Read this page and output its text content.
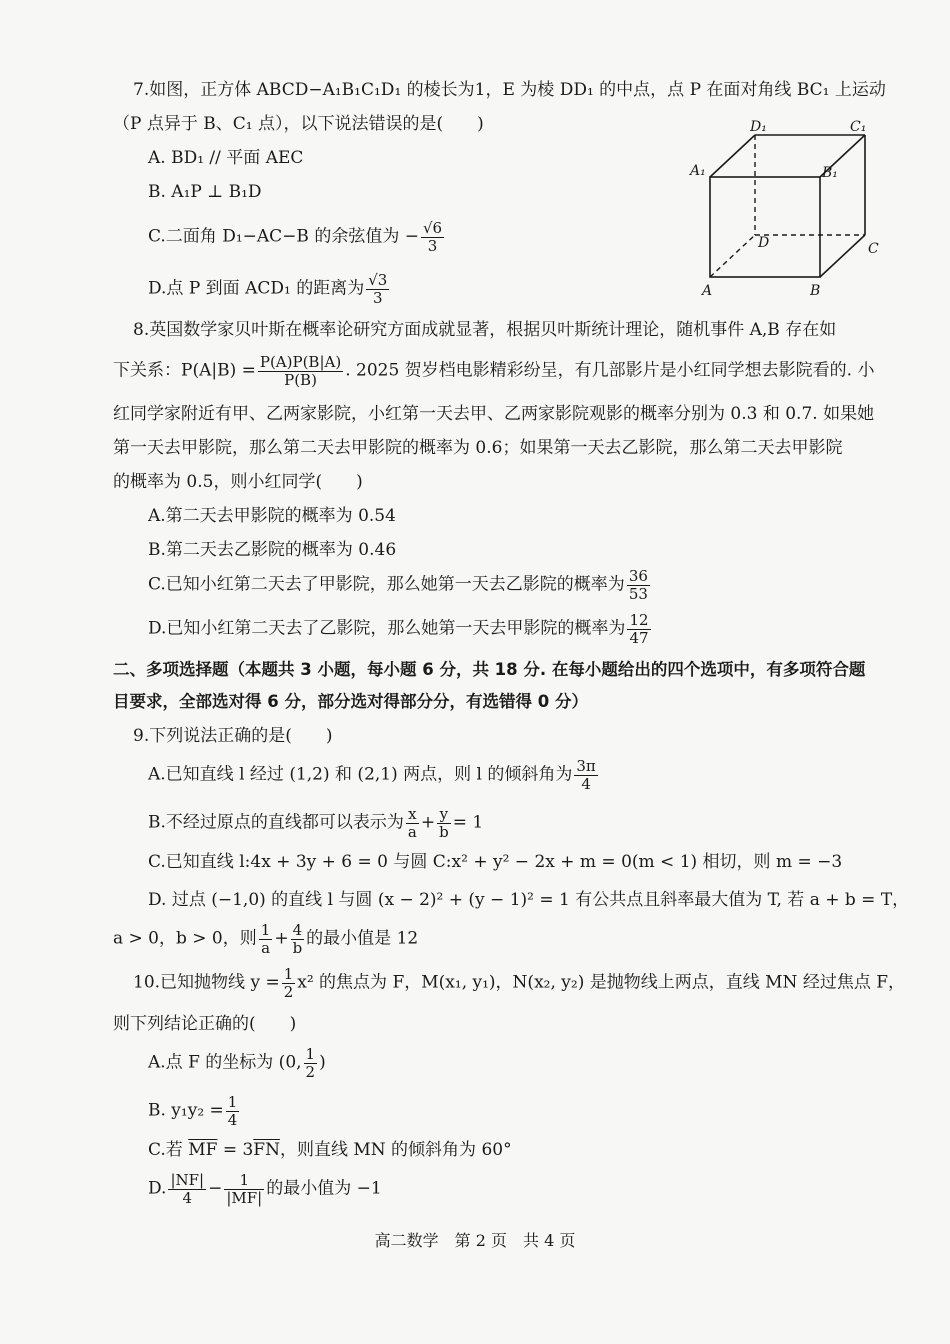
7.如图，正方体 ABCD−A₁B₁C₁D₁ 的棱长为1，E 为棱 DD₁ 的中点，点 P 在面对角线 BC₁ 上运动
（P 点异于 B、C₁ 点），以下说法错误的是(　　)
A. BD₁ // 平面 AEC
B. A₁P ⊥ B₁D
C.二面角 D₁−AC−B 的余弦值为 − $\frac{√6}{3}$
D.点 P 到面 ACD₁ 的距离为 $\frac{√3}{3}$
D₁	C₁
A₁	B₁
D	C
A	B
8.英国数学家贝叶斯在概率论研究方面成就显著，根据贝叶斯统计理论，随机事件 A,B 存在如
下关系：$P(A|B) = \frac{P(A)P(B|A)}{P(B)}$ . 2025 贺岁档电影精彩纷呈，有几部影片是小红同学想去影院看的. 小
红同学家附近有甲、乙两家影院，小红第一天去甲、乙两家影院观影的概率分别为 0.3 和 0.7. 如果她
第一天去甲影院，那么第二天去甲影院的概率为 0.6；如果第一天去乙影院，那么第二天去甲影院
的概率为 0.5，则小红同学(　　)
A.第二天去甲影院的概率为 0.54
B.第二天去乙影院的概率为 0.46
C.已知小红第二天去了甲影院，那么她第一天去乙影院的概率为 $\frac{36}{53}$
D.已知小红第二天去了乙影院，那么她第一天去甲影院的概率为 $\frac{12}{47}$
二、多项选择题（本题共 3 小题，每小题 6 分，共 18 分. 在每小题给出的四个选项中，有多项符合题
目要求，全部选对得 6 分，部分选对得部分分，有选错得 0 分）
9.下列说法正确的是(　　)
A.已知直线 l 经过 (1,2) 和 (2,1) 两点，则 l 的倾斜角为 $\frac{3\pi}{4}$
B.不经过原点的直线都可以表示为 $\frac{x}{a} + \frac{y}{b} = 1$
C.已知直线 l:4x + 3y + 6 = 0 与圆 C:x² + y² − 2x + m = 0(m < 1) 相切，则 m = −3
D. 过点 (−1,0) 的直线 l 与圆 (x − 2)² + (y − 1)² = 1 有公共点且斜率最大值为 T, 若 a + b = T，
a > 0，b > 0，则 $\frac{1}{a} + \frac{4}{b}$ 的最小值是 12
10.已知抛物线 $y = \frac{1}{2} x^2$ 的焦点为 F，M(x₁, y₁)，N(x₂, y₂) 是抛物线上两点，直线 MN 经过焦点 F，
则下列结论正确的(　　)
A.点 F 的坐标为 (0, $\frac{1}{2}$ )
B. $y_1y_2 = \frac{1}{4}$
C.若 $\overline{MF} = 3\overline{FN}$，则直线 MN 的倾斜角为 60°
D. $\frac{|NF|}{4} - \frac{1}{|MF|}$ 的最小值为 −1
高二数学　第 2 页　共 4 页
